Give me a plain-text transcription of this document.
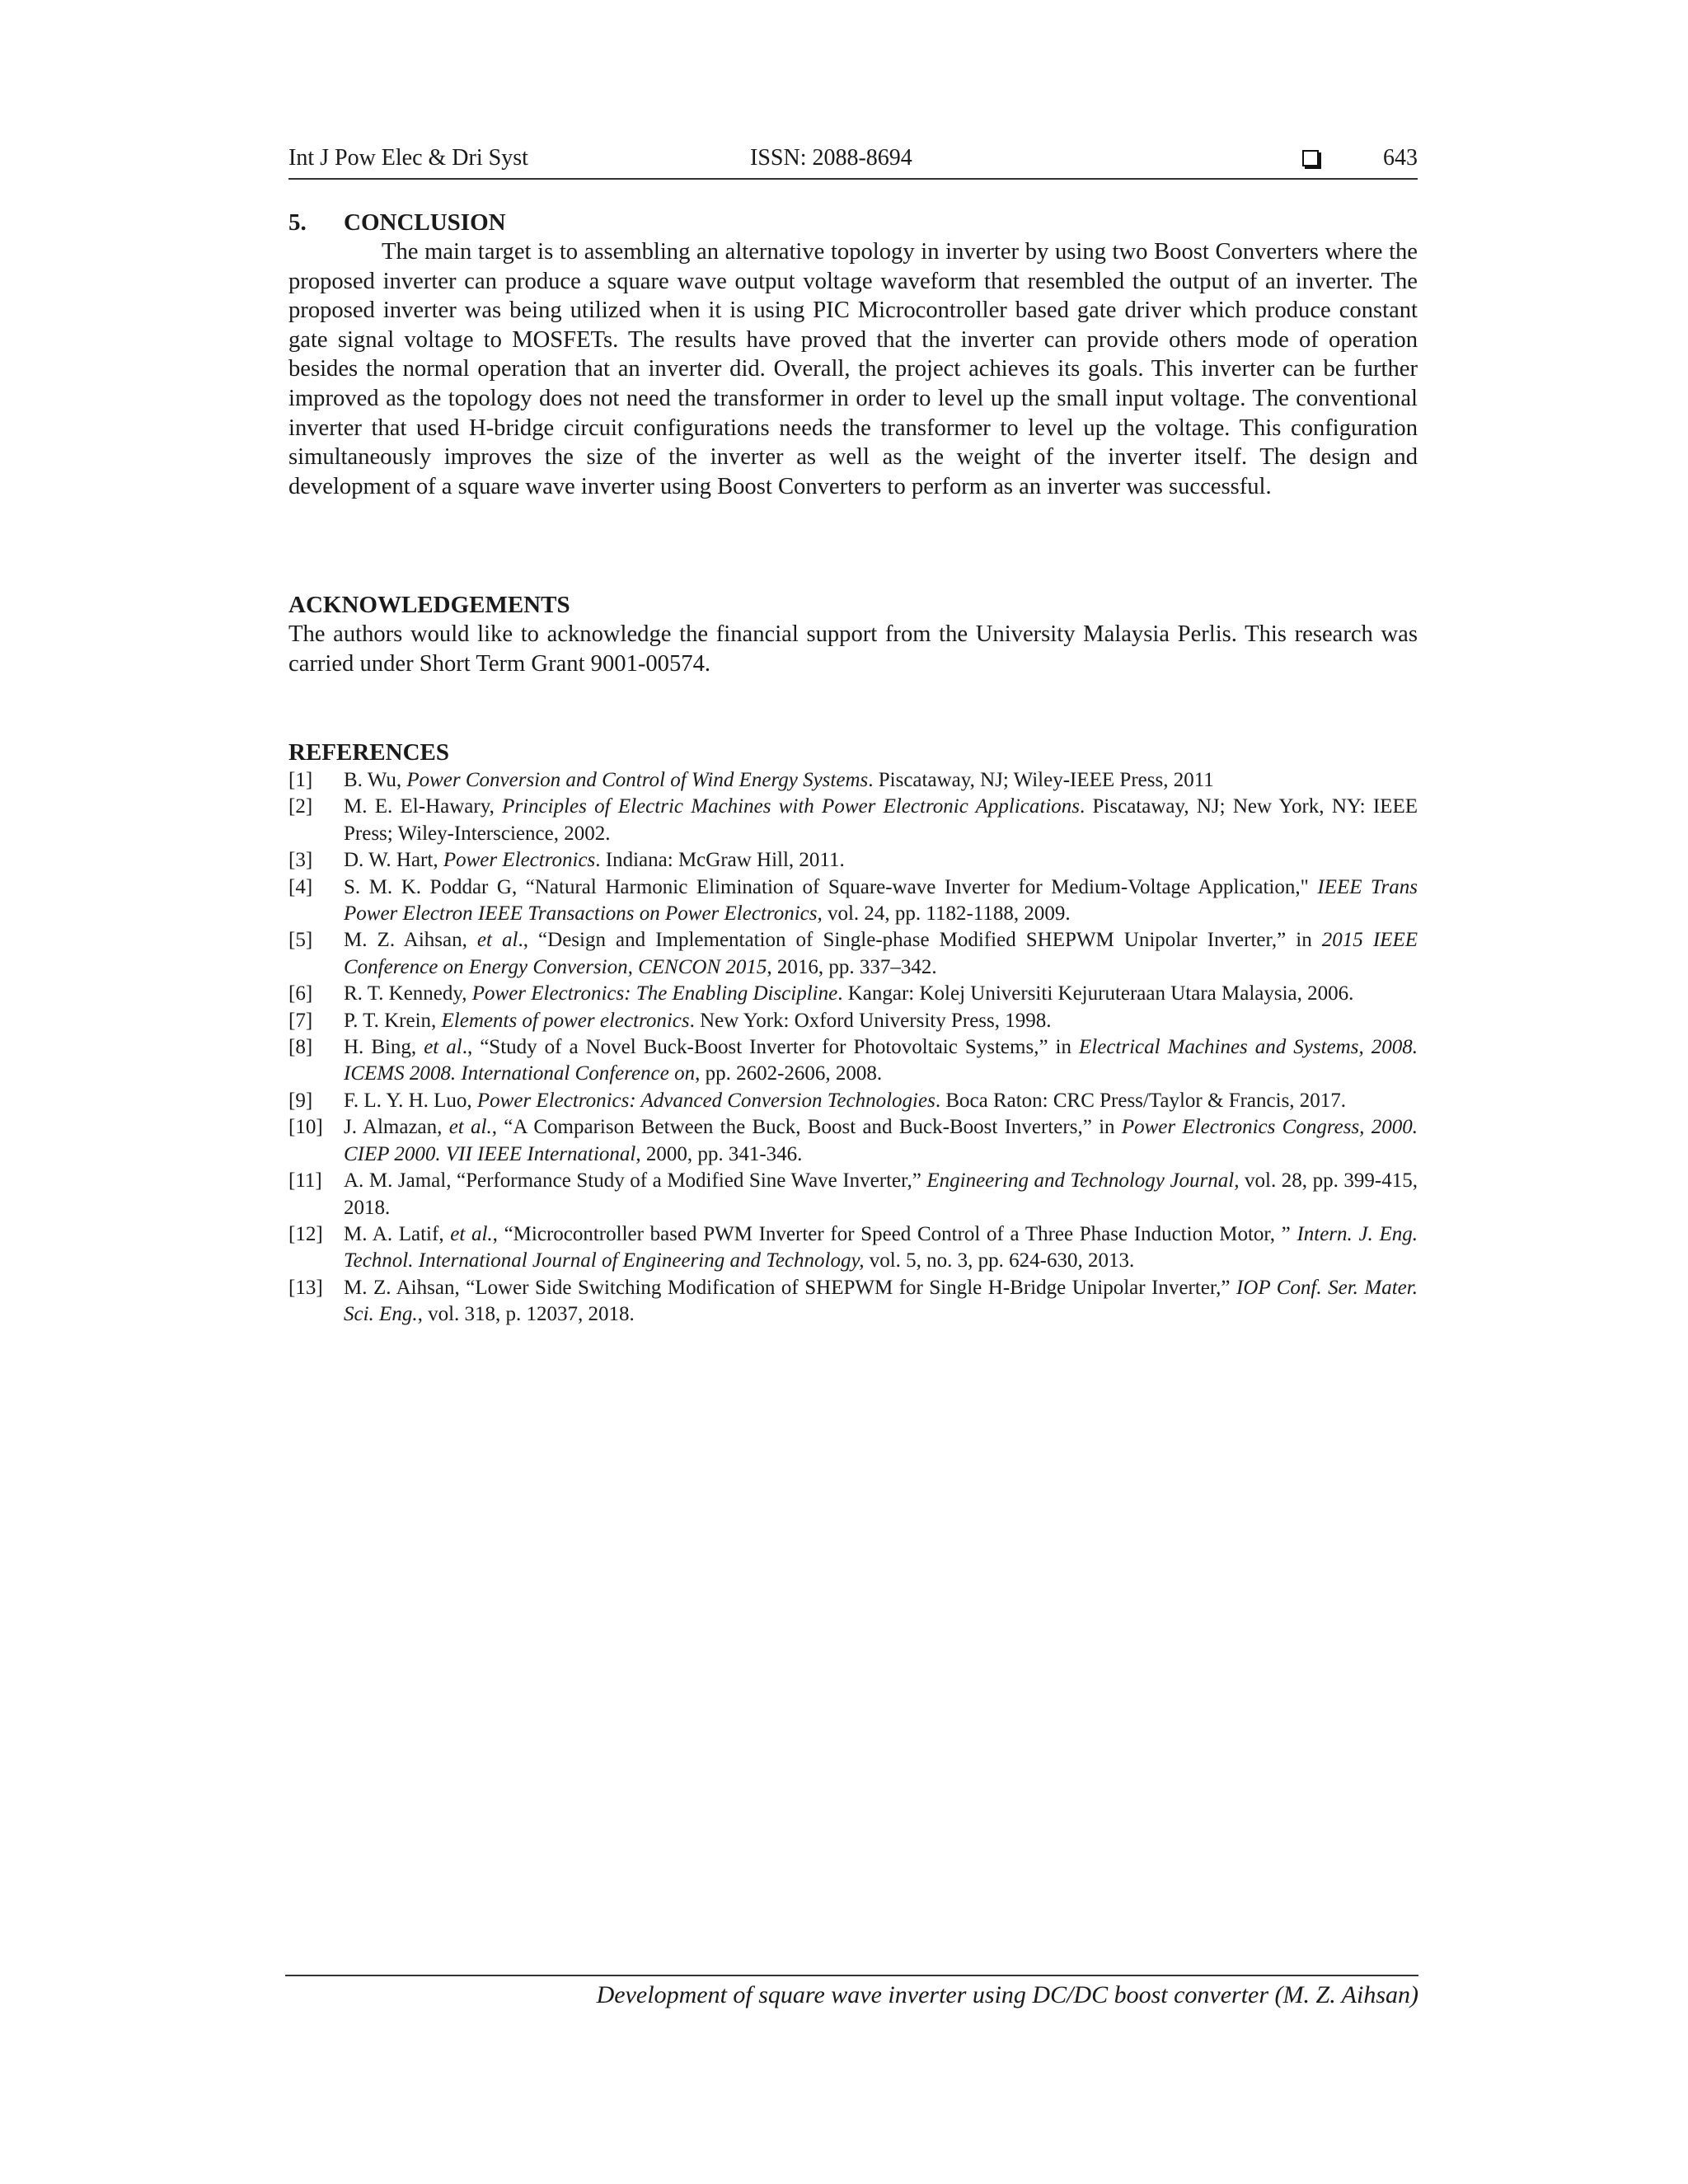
Int J Pow Elec & Dri Syst	ISSN: 2088-8694	643
5. CONCLUSION

The main target is to assembling an alternative topology in inverter by using two Boost Converters where the proposed inverter can produce a square wave output voltage waveform that resembled the output of an inverter. The proposed inverter was being utilized when it is using PIC Microcontroller based gate driver which produce constant gate signal voltage to MOSFETs. The results have proved that the inverter can provide others mode of operation besides the normal operation that an inverter did. Overall, the project achieves its goals. This inverter can be further improved as the topology does not need the transformer in order to level up the small input voltage. The conventional inverter that used H-bridge circuit configurations needs the transformer to level up the voltage. This configuration simultaneously improves the size of the inverter as well as the weight of the inverter itself. The design and development of a square wave inverter using Boost Converters to perform as an inverter was successful.

ACKNOWLEDGEMENTS

The authors would like to acknowledge the financial support from the University Malaysia Perlis. This research was carried under Short Term Grant 9001-00574.

REFERENCES
[1] B. Wu, Power Conversion and Control of Wind Energy Systems. Piscataway, NJ; Wiley-IEEE Press, 2011
[2] M. E. El-Hawary, Principles of Electric Machines with Power Electronic Applications. Piscataway, NJ; New York, NY: IEEE Press; Wiley-Interscience, 2002.
[3] D. W. Hart, Power Electronics. Indiana: McGraw Hill, 2011.
[4] S. M. K. Poddar G, “Natural Harmonic Elimination of Square-wave Inverter for Medium-Voltage Application," IEEE Trans Power Electron IEEE Transactions on Power Electronics, vol. 24, pp. 1182-1188, 2009.
[5] M. Z. Aihsan, et al., “Design and Implementation of Single-phase Modified SHEPWM Unipolar Inverter,” in 2015 IEEE Conference on Energy Conversion, CENCON 2015, 2016, pp. 337–342.
[6] R. T. Kennedy, Power Electronics: The Enabling Discipline. Kangar: Kolej Universiti Kejuruteraan Utara Malaysia, 2006.
[7] P. T. Krein, Elements of power electronics. New York: Oxford University Press, 1998.
[8] H. Bing, et al., “Study of a Novel Buck-Boost Inverter for Photovoltaic Systems,” in Electrical Machines and Systems, 2008. ICEMS 2008. International Conference on, pp. 2602-2606, 2008.
[9] F. L. Y. H. Luo, Power Electronics: Advanced Conversion Technologies. Boca Raton: CRC Press/Taylor & Francis, 2017.
[10] J. Almazan, et al., “A Comparison Between the Buck, Boost and Buck-Boost Inverters,” in Power Electronics Congress, 2000. CIEP 2000. VII IEEE International, 2000, pp. 341-346.
[11] A. M. Jamal, “Performance Study of a Modified Sine Wave Inverter,” Engineering and Technology Journal, vol. 28, pp. 399-415, 2018.
[12] M. A. Latif, et al., “Microcontroller based PWM Inverter for Speed Control of a Three Phase Induction Motor, ” Intern. J. Eng. Technol. International Journal of Engineering and Technology, vol. 5, no. 3, pp. 624-630, 2013.
[13] M. Z. Aihsan, “Lower Side Switching Modification of SHEPWM for Single H-Bridge Unipolar Inverter,” IOP Conf. Ser. Mater. Sci. Eng., vol. 318, p. 12037, 2018.
Development of square wave inverter using DC/DC boost converter (M. Z. Aihsan)
